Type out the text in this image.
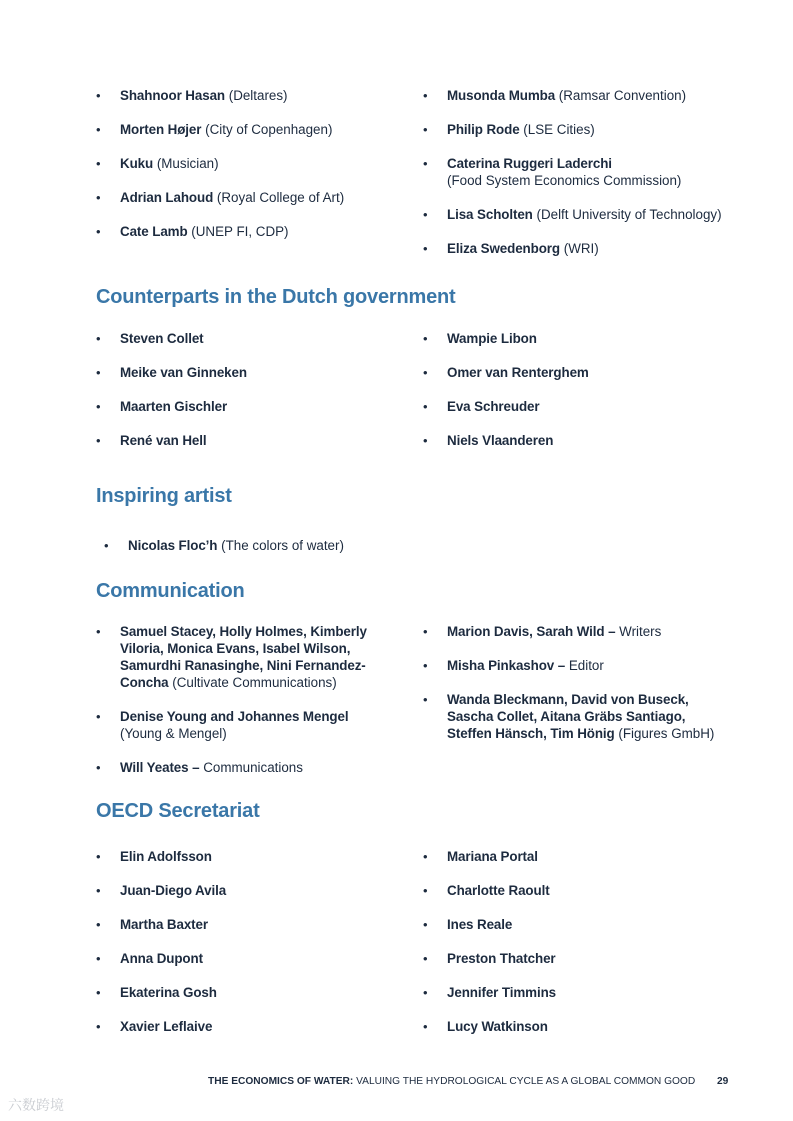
• Shahnoor Hasan (Deltares)
• Morten Højer (City of Copenhagen)
• Kuku (Musician)
• Adrian Lahoud (Royal College of Art)
• Cate Lamb (UNEP FI, CDP)
• Musonda Mumba (Ramsar Convention)
• Philip Rode (LSE Cities)
• Caterina Ruggeri Laderchi
(Food System Economics Commission)
• Lisa Scholten (Delft University of Technology)
• Eliza Swedenborg (WRI)
Counterparts in the Dutch government
• Steven Collet
• Meike van Ginneken
• Maarten Gischler
• René van Hell
• Wampie Libon
• Omer van Renterghem
• Eva Schreuder
• Niels Vlaanderen
Inspiring artist
• Nicolas Floc’h (The colors of water)
Communication
• Samuel Stacey, Holly Holmes, Kimberly Viloria, Monica Evans, Isabel Wilson, Samurdhi Ranasinghe, Nini Fernandez-Concha (Cultivate Communications)
• Denise Young and Johannes Mengel
(Young & Mengel)
• Will Yeates – Communications
• Marion Davis, Sarah Wild – Writers
• Misha Pinkashov – Editor
• Wanda Bleckmann, David von Buseck, Sascha Collet, Aitana Gräbs Santiago, Steffen Hänsch, Tim Hönig (Figures GmbH)
OECD Secretariat
• Elin Adolfsson
• Juan-Diego Avila
• Martha Baxter
• Anna Dupont
• Ekaterina Gosh
• Xavier Leflaive
• Mariana Portal
• Charlotte Raoult
• Ines Reale
• Preston Thatcher
• Jennifer Timmins
• Lucy Watkinson
THE ECONOMICS OF WATER: VALUING THE HYDROLOGICAL CYCLE AS A GLOBAL COMMON GOOD 29
六数跨境
